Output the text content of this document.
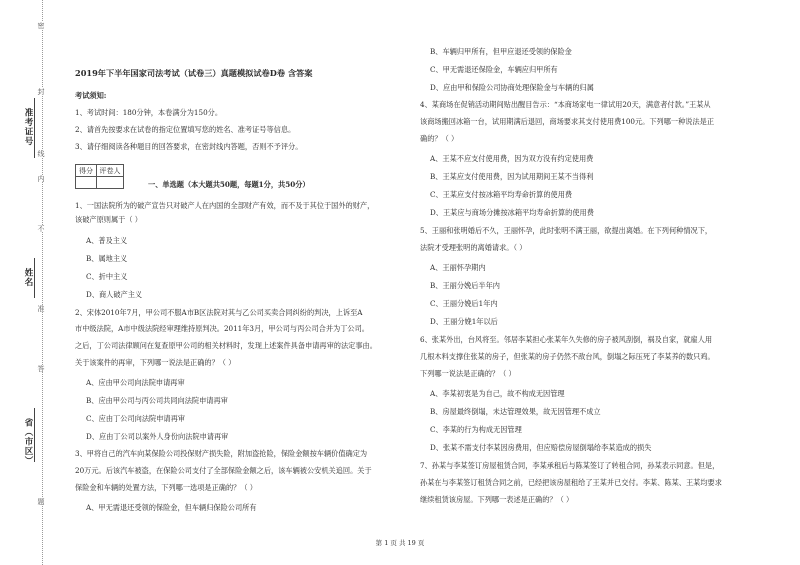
准考证号
姓名
省（市区）
密
封
线
内
不
准
答
题
2019年下半年国家司法考试（试卷三）真题模拟试卷D卷 含答案
考试须知:
1、考试时间：180分钟，本卷满分为150分。
2、请首先按要求在试卷的指定位置填写您的姓名、准考证号等信息。
3、请仔细阅读各种题目的回答要求，在密封线内答题，否则不予评分。
得分	评卷人

一、单选题（本大题共50题，每题1分，共50分）
1、一国法院所为的破产宣告只对破产人在内国的全部财产有效，而不及于其位于国外的财产，
该破产原则属于（ ）
A、普及主义
B、属地主义
C、折中主义
D、商人破产主义
2、宋体2010年7月，甲公司不服A市B区法院对其与乙公司买卖合同纠纷的判决，上诉至A
市中级法院，A市中级法院经审理维持原判决。2011年3月，甲公司与丙公司合并为丁公司。
之后，丁公司法律顾问在复查原甲公司的相关材料时，发现上述案件具备申请再审的法定事由。
关于该案件的再审，下列哪一说法是正确的？（ ）
A、应由甲公司向法院申请再审
B、应由甲公司与丙公司共同向法院申请再审
C、应由丁公司向法院申请再审
D、应由丁公司以案外人身份向法院申请再审
3、甲将自己的汽车向某保险公司投保财产损失险，附加盗抢险，保险金额按车辆价值确定为
20万元。后该汽车被盗，在保险公司支付了全部保险金额之后，该车辆被公安机关追回。关于
保险金和车辆的处置方法，下列哪一选项是正确的？（ ）
A、甲无需退还受领的保险金，但车辆归保险公司所有
B、车辆归甲所有，但甲应退还受领的保险金
C、甲无需退还保险金，车辆应归甲所有
D、应由甲和保险公司协商处理保险金与车辆的归属
4、某商场在促销活动期间贴出醒目告示：“本商场家电一律试用20天，满意者付款。”王某从
该商场搬回冰箱一台，试用期满后退回，商场要求其支付使用费100元。下列哪一种说法是正
确的？（ ）
A、王某不应支付使用费，因为双方没有约定使用费
B、王某应支付使用费，因为试用期间王某不当得利
C、王某应支付按冰箱平均寿命折算的使用费
D、王某应与商场分摊按冰箱平均寿命折算的使用费
5、王丽和张明婚后不久，王丽怀孕，此时张明不满王丽，欲提出离婚。在下列何种情况下，
法院才受理张明的离婚请求。（ ）
A、王丽怀孕期内
B、王丽分娩后半年内
C、王丽分娩后1年内
D、王丽分娩1年以后
6、张某外出，台风将至。邻居李某担心张某年久失修的房子被风刮倒，祸及自家，就雇人用
几根木料支撑住张某的房子，但张某的房子仍然不敌台风，倒塌之际压死了李某养的数只鸡。
下列哪一说法是正确的？（ ）
A、李某初衷是为自己，故不构成无因管理
B、房屋最终倒塌，未达管理效果，故无因管理不成立
C、李某的行为构成无因管理
D、张某不需支付李某因房费用，但应赔偿房屋倒塌给李某造成的损失
7、孙某与李某签订房屋租赁合同，李某承租后与陈某签订了转租合同，孙某表示同意。但是，
孙某在与李某签订租赁合同之前，已经把该房屋租给了王某并已交付。李某、陈某、王某均要求
继续租赁该房屋。下列哪一表述是正确的？（ ）
第 1 页 共 19 页
